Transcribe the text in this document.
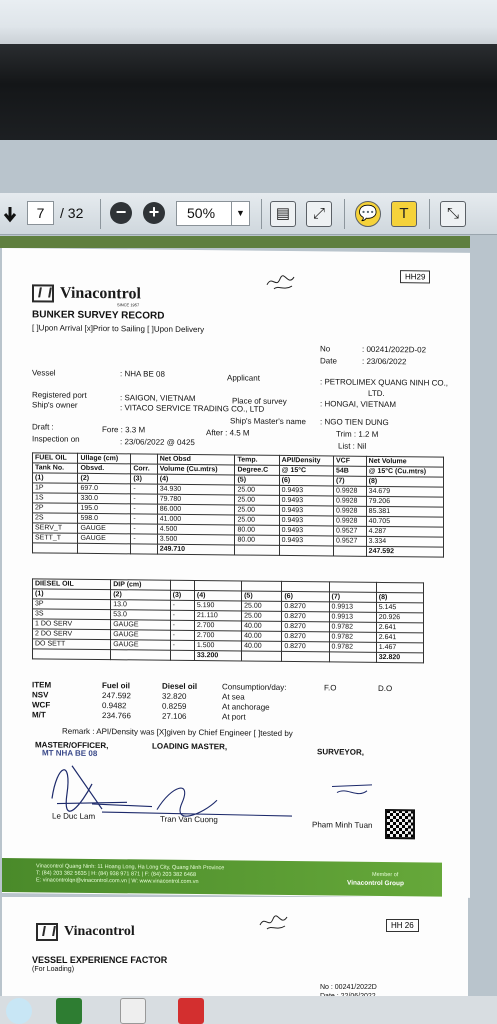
7	/ 32	−	+	50%	▼	▤	⤢	💬	T	⤡
HH29
Vinacontrol
SINCE 1957
BUNKER SURVEY RECORD
[ ]Upon Arrival [x]Prior to Sailing [ ]Upon Delivery
No	: 00241/2022D-02
Date	: 23/06/2022
Vessel	: NHA BE 08	Applicant	: PETROLIMEX QUANG NINH CO.,
LTD.
Registered port	: SAIGON, VIETNAM	Place of survey	: HONGAI, VIETNAM
Ship's owner	: VITACO SERVICE TRADING CO., LTD
Ship's Master's name : NGO TIEN DUNG
Draft :	Fore : 3.3 M	After : 4.5 M	Trim : 1.2 M
Inspection on	: 23/06/2022 @ 0425	List : Nil
FUEL OIL	Ullage (cm)		Net Obsd	Temp.	API/Density	VCF	Net Volume
Tank No.	Obsvd.	Corr.	Volume (Cu.mtrs)	Degree.C	@ 15°C	54B	@ 15°C (Cu.mtrs)
(1)	(2)	(3)	(4)	(5)	(6)	(7)	(8)
1P	697.0	-	34.930	25.00	0.9493	0.9928	34.679
1S	330.0	-	79.780	25.00	0.9493	0.9928	79.206
2P	195.0	-	86.000	25.00	0.9493	0.9928	85.381
2S	598.0	-	41.000	25.00	0.9493	0.9928	40.705
SERV_T	GAUGE	-	4.500	80.00	0.9493	0.9527	4.287
SETT_T	GAUGE	-	3.500	80.00	0.9493	0.9527	3.334
			249.710				247.592
DIESEL OIL	DIP (cm)						
(1)	(2)	(3)	(4)	(5)	(6)	(7)	(8)
3P	13.0	-	5.190	25.00	0.8270	0.9913	5.145
3S	53.0	-	21.110	25.00	0.8270	0.9913	20.926
1 DO SERV	GAUGE	-	2.700	40.00	0.8270	0.9782	2.641
2 DO SERV	GAUGE	-	2.700	40.00	0.8270	0.9782	2.641
DO SETT	GAUGE	-	1.500	40.00	0.8270	0.9782	1.467
			33.200				32.820
ITEM	Fuel oil	Diesel oil	Consumption/day:	F.O	D.O
NSV	247.592	32.820	At sea
WCF	0.9482	0.8259	At anchorage
M/T	234.766	27.106	At port
Remark : API/Density was [X]given by Chief Engineer [ ]tested by
MASTER/OFFICER,
MT NHA BE 08
LOADING MASTER,
SURVEYOR,
Le Duc Lam	Tran Van Cuong
Pham Minh Tuan
Vinacontrol Quang Ninh: 11 Hoang Long, Ha Long City, Quang Ninh Province
T: (84) 203 382 5635 | H: (84) 938 971 871 | F: (84) 203 382 6468
E: vinacontrolqn@vinacontrol.com.vn | W: www.vinacontrol.com.vn
Member of
Vinacontrol Group
HH 26
Vinacontrol
VESSEL EXPERIENCE FACTOR
(For Loading)
No : 00241/2022D
